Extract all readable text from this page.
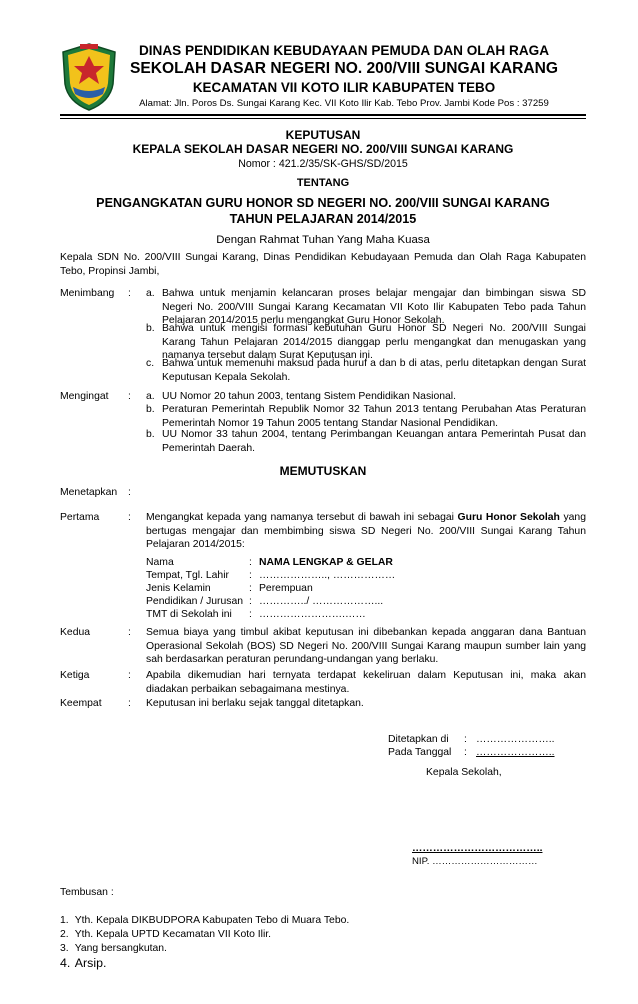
DINAS PENDIDIKAN KEBUDAYAAN PEMUDA DAN OLAH RAGA
SEKOLAH DASAR NEGERI NO. 200/VIII SUNGAI KARANG
KECAMATAN VII KOTO ILIR KABUPATEN TEBO
Alamat: Jln. Poros Ds. Sungai Karang Kec. VII Koto Ilir Kab. Tebo Prov. Jambi Kode Pos : 37259
KEPUTUSAN
KEPALA SEKOLAH DASAR NEGERI NO. 200/VIII SUNGAI KARANG
Nomor : 421.2/35/SK-GHS/SD/2015
TENTANG
PENGANGKATAN GURU HONOR SD NEGERI NO. 200/VIII SUNGAI KARANG
TAHUN PELAJARAN 2014/2015
Dengan Rahmat Tuhan Yang Maha Kuasa
Kepala SDN No. 200/VIII Sungai Karang, Dinas Pendidikan Kebudayaan Pemuda dan Olah Raga Kabupaten Tebo, Propinsi Jambi,
Menimbang : a. Bahwa untuk menjamin kelancaran proses belajar mengajar dan bimbingan siswa SD Negeri No. 200/VIII Sungai Karang Kecamatan VII Koto Ilir Kabupaten Tebo pada Tahun Pelajaran 2014/2015 perlu mengangkat Guru Honor Sekolah.
b. Bahwa untuk mengisi formasi kebutuhan Guru Honor SD Negeri No. 200/VIII Sungai Karang Tahun Pelajaran 2014/2015 dianggap perlu mengangkat dan menugaskan yang namanya tersebut dalam Surat Keputusan ini.
c. Bahwa untuk memenuhi maksud pada huruf a dan b di atas, perlu ditetapkan dengan Surat Keputusan Kepala Sekolah.
Mengingat : a. UU Nomor 20 tahun 2003, tentang Sistem Pendidikan Nasional.
b. Peraturan Pemerintah Republik Nomor 32 Tahun 2013 tentang Perubahan Atas Peraturan Pemerintah Nomor 19 Tahun 2005 tentang Standar Nasional Pendidikan.
b. UU Nomor 33 tahun 2004, tentang Perimbangan Keuangan antara Pemerintah Pusat dan Pemerintah Daerah.
MEMUTUSKAN
Menetapkan :
Pertama	: Mengangkat kepada yang namanya tersebut di bawah ini sebagai Guru Honor Sekolah yang bertugas mengajar dan membimbing siswa SD Negeri No. 200/VIII Sungai Karang Tahun Pelajaran 2014/2015:
Nama	: NAMA LENGKAP & GELAR
Tempat, Tgl. Lahir : ……………….., ………………
Jenis Kelamin	: Perempuan
Pendidikan / Jurusan : …………../ ………………...
TMT di Sekolah ini : …………………….……
Kedua	: Semua biaya yang timbul akibat keputusan ini dibebankan kepada anggaran dana Bantuan Operasional Sekolah (BOS) SD Negeri No. 200/VIII Sungai Karang maupun sumber lain yang sah berdasarkan peraturan perundang-undangan yang berlaku.
Ketiga	: Apabila dikemudian hari ternyata terdapat kekeliruan dalam Keputusan ini, maka akan diadakan perbaikan sebagaimana mestinya.
Keempat	: Keputusan ini berlaku sejak tanggal ditetapkan.
Ditetapkan di : …………………..
Pada Tanggal : …………………..
Kepala Sekolah,
………………………………..
NIP. ……………………………
Tembusan :
1. Yth. Kepala DIKBUDPORA Kabupaten Tebo di Muara Tebo.
2. Yth. Kepala UPTD Kecamatan VII Koto Ilir.
3. Yang bersangkutan.
4. Arsip.
